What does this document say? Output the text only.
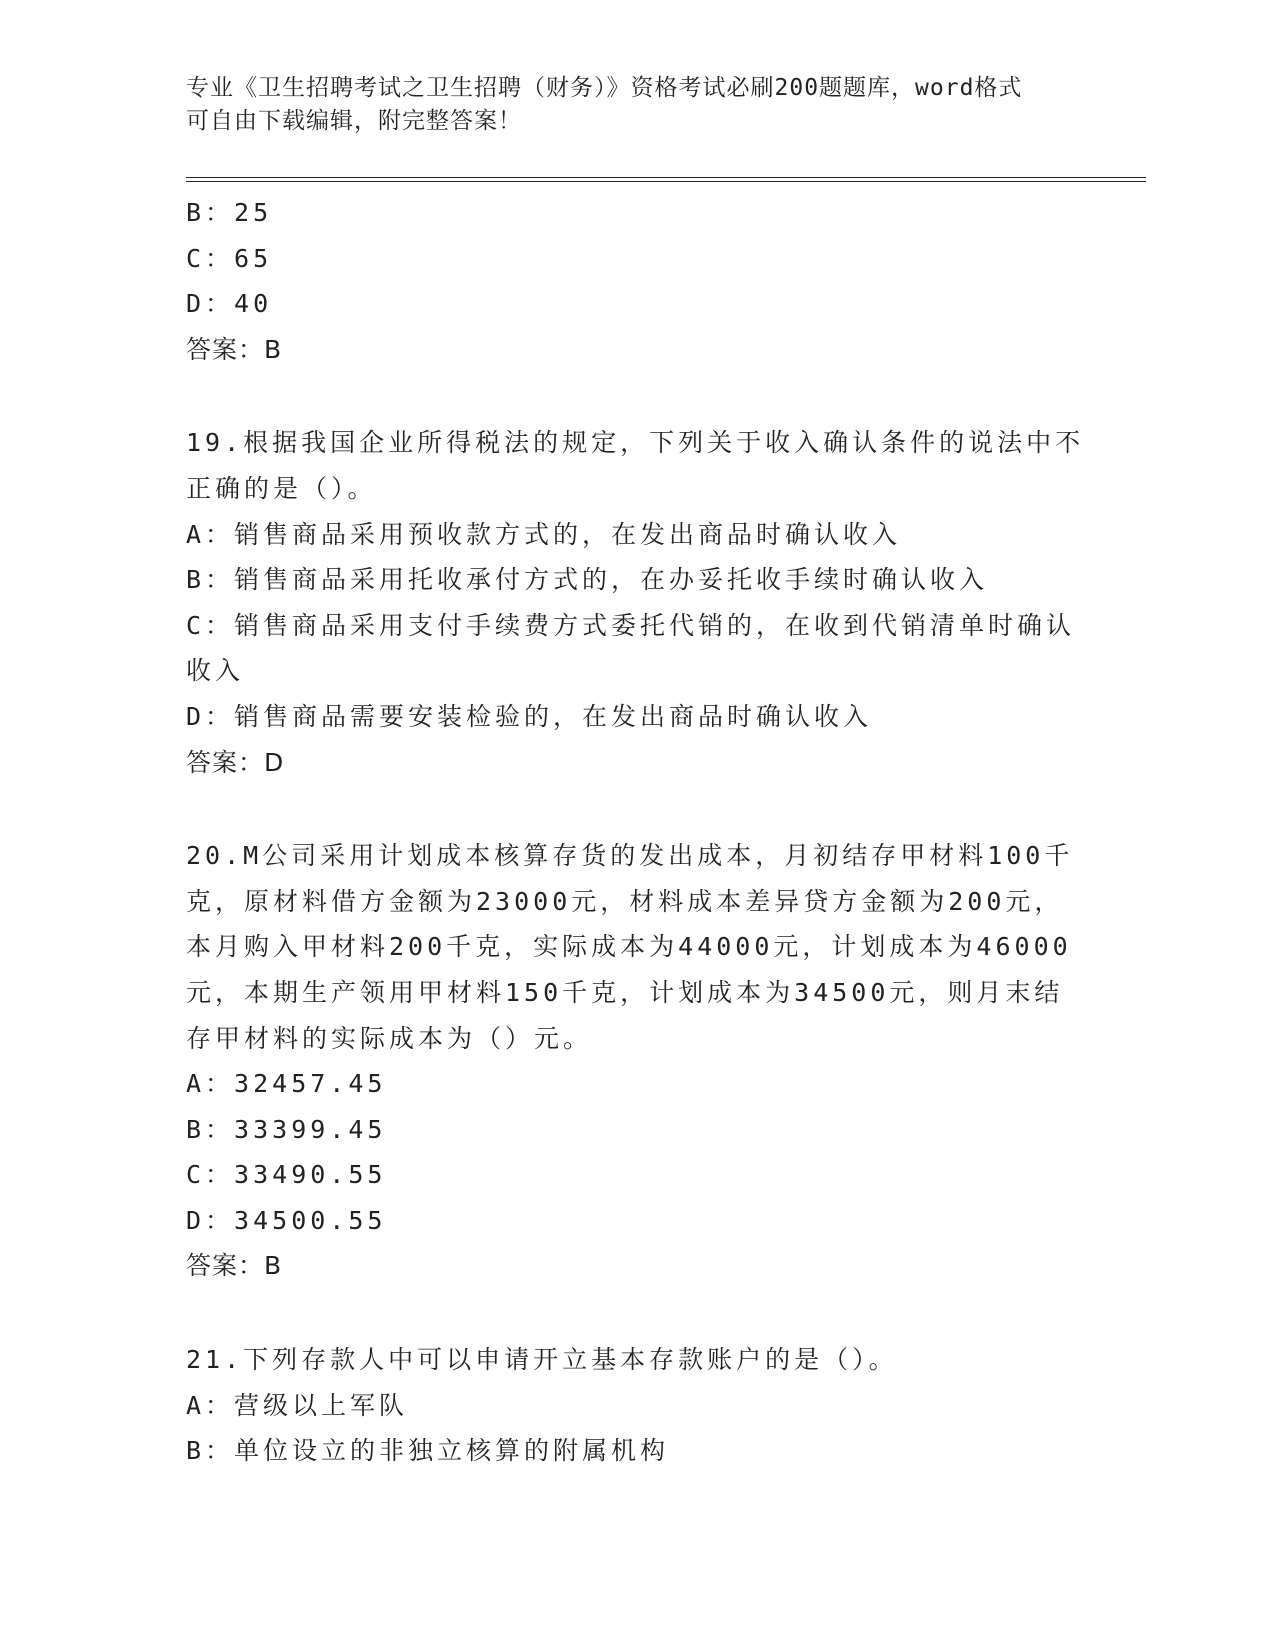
专业《卫生招聘考试之卫生招聘（财务）》资格考试必刷200题题库，word格式
可自由下载编辑，附完整答案！
B：25
C：65
D：40
答案：B
19.根据我国企业所得税法的规定，下列关于收入确认条件的说法中不
正确的是（）。
A：销售商品采用预收款方式的，在发出商品时确认收入
B：销售商品采用托收承付方式的，在办妥托收手续时确认收入
C：销售商品采用支付手续费方式委托代销的，在收到代销清单时确认
收入
D：销售商品需要安装检验的，在发出商品时确认收入
答案：D
20.M公司采用计划成本核算存货的发出成本，月初结存甲材料100千
克，原材料借方金额为23000元，材料成本差异贷方金额为200元，
本月购入甲材料200千克，实际成本为44000元，计划成本为46000
元，本期生产领用甲材料150千克，计划成本为34500元，则月末结
存甲材料的实际成本为（）元。
A：32457.45
B：33399.45
C：33490.55
D：34500.55
答案：B
21.下列存款人中可以申请开立基本存款账户的是（）。
A：营级以上军队
B：单位设立的非独立核算的附属机构
